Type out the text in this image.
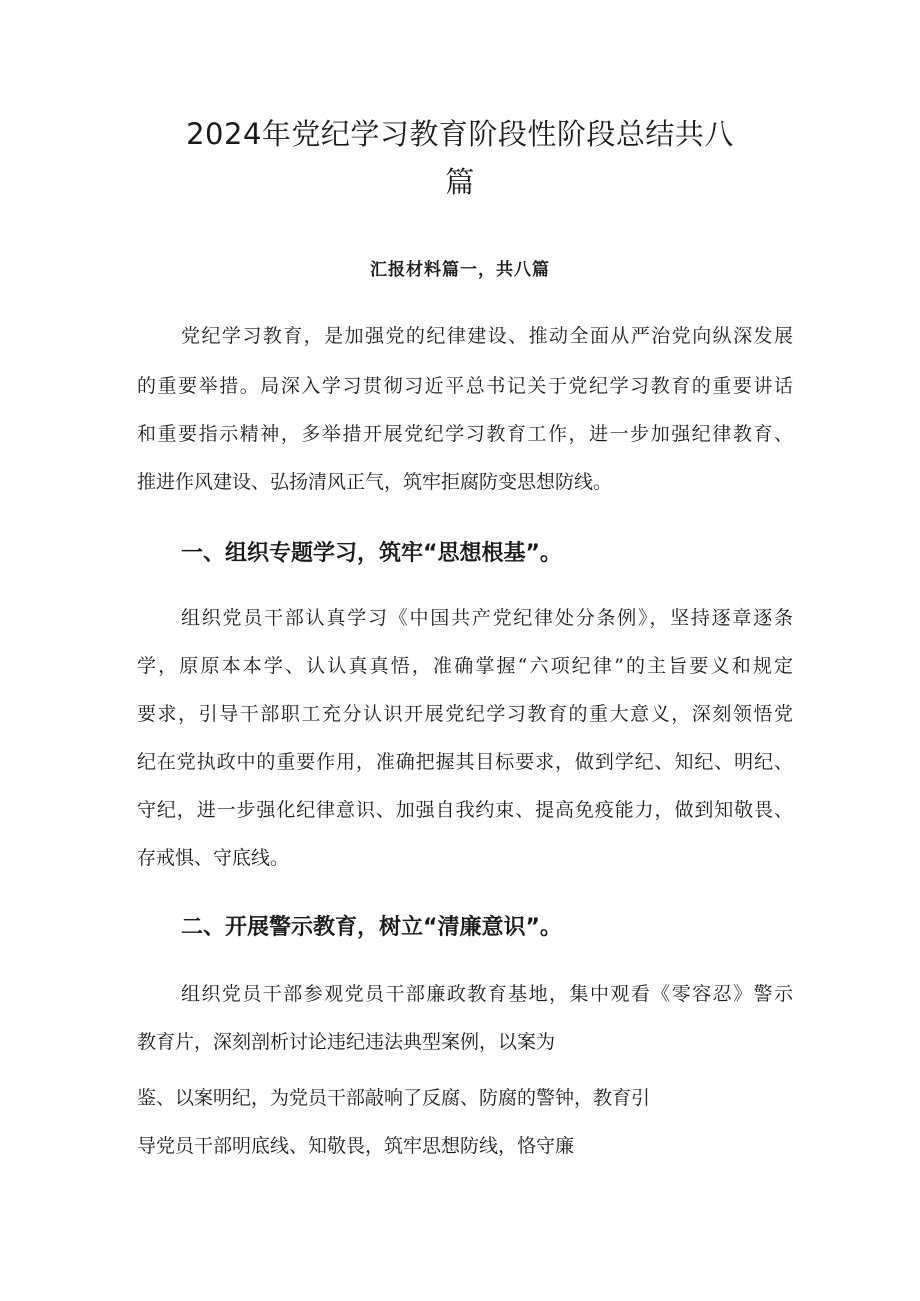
2024年党纪学习教育阶段性阶段总结共八
篇

汇报材料篇一，共八篇

党纪学习教育，是加强党的纪律建设、推动全面从严治党向纵深发展

的重要举措。局深入学习贯彻习近平总书记关于党纪学习教育的重要讲话

和重要指示精神，多举措开展党纪学习教育工作，进一步加强纪律教育、

推进作风建设、弘扬清风正气，筑牢拒腐防变思想防线。

一、组织专题学习，筑牢“思想根基”。

组织党员干部认真学习《中国共产党纪律处分条例》，坚持逐章逐条

学，原原本本学、认认真真悟，准确掌握“六项纪律”的主旨要义和规定

要求，引导干部职工充分认识开展党纪学习教育的重大意义，深刻领悟党

纪在党执政中的重要作用，准确把握其目标要求，做到学纪、知纪、明纪、

守纪，进一步强化纪律意识、加强自我约束、提高免疫能力，做到知敬畏、

存戒惧、守底线。

二、开展警示教育，树立“清廉意识”。

组织党员干部参观党员干部廉政教育基地，集中观看《零容忍》警示

教育片，深刻剖析讨论违纪违法典型案例，以案为

鉴、以案明纪，为党员干部敲响了反腐、防腐的警钟，教育引

导党员干部明底线、知敬畏，筑牢思想防线，恪守廉
